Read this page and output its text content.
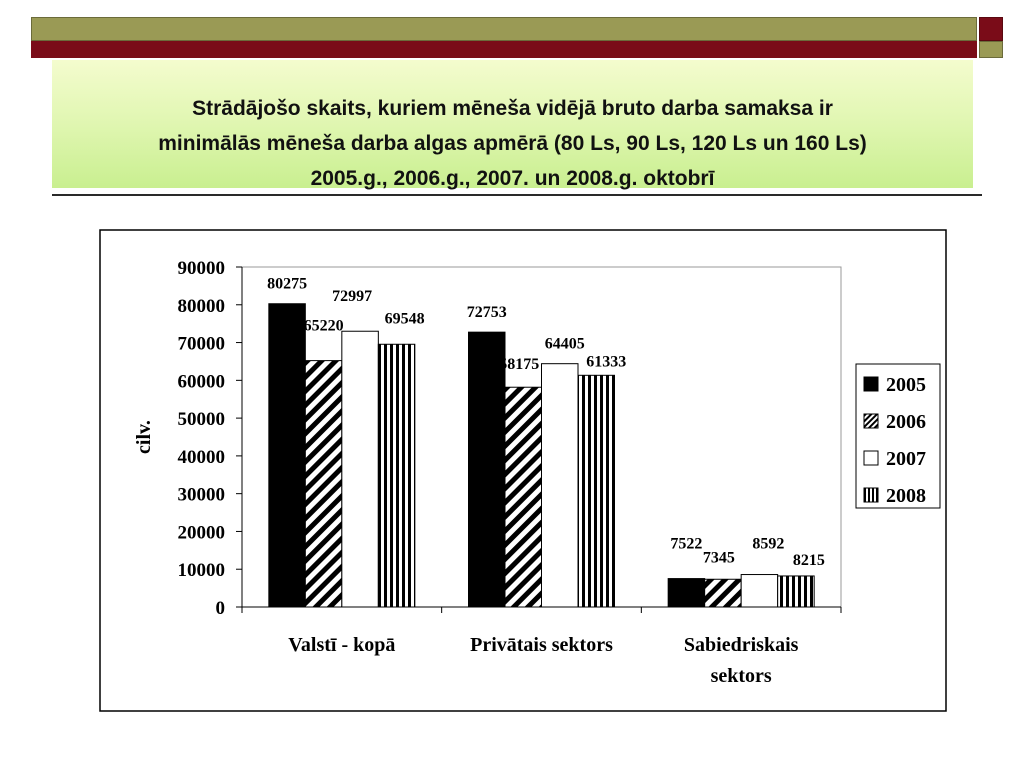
Strādājošo skaits, kuriem mēneša vidējā bruto darba samaksa ir
minimālās mēneša darba algas apmērā (80 Ls, 90 Ls, 120 Ls un 160 Ls)
2005.g., 2006.g., 2007. un 2008.g. oktobrī
0
10000
20000
30000
40000
50000
60000
70000
80000
90000
Valstī - kopā	Privātais sektors	Sabiedriskais
sektors
80275
72753
7522
65220
58175
7345
72997
64405
8592
69548
61333
8215
cilv.
2005
2006
2007
2008
